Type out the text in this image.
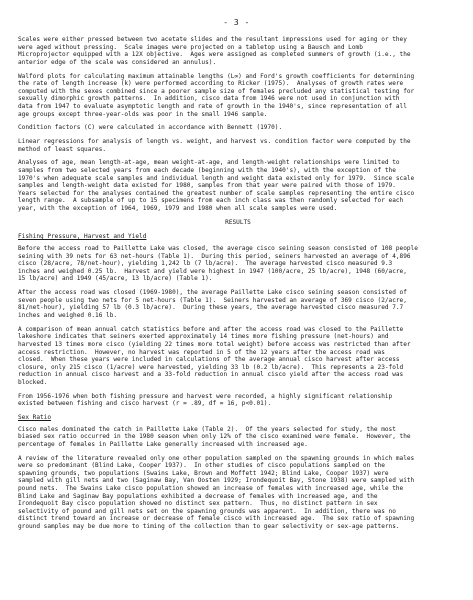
- 3 -
Scales were either pressed between two acetate slides and the resultant impressions used for aging or they
were aged without pressing.  Scale images were projected on a tabletop using a Bausch and Lomb
Microprojector equipped with a 12X objective.  Ages were assigned as completed summers of growth (i.e., the
anterior edge of the scale was considered an annulus).
Walford plots for calculating maximum attainable lengths (L∞) and Ford's growth coefficients for determining
the rate of length increase (k) were performed according to Ricker (1975).  Analyses of growth rates were
computed with the sexes combined since a poorer sample size of females precluded any statistical testing for
sexually dimorphic growth patterns.  In addition, cisco data from 1946 were not used in conjunction with
data from 1947 to evaluate asymptotic length and rate of growth in the 1940's, since representation of all
age groups except three-year-olds was poor in the small 1946 sample.
Condition factors (C) were calculated in accordance with Bennett (1970).
Linear regressions for analysis of length vs. weight, and harvest vs. condition factor were computed by the
method of least squares.
Analyses of age, mean length-at-age, mean weight-at-age, and length-weight relationships were limited to
samples from two selected years from each decade (beginning with the 1940's), with the exception of the
1970's when adequate scale samples and individual length and weight data existed only for 1979.  Since scale
samples and length-weight data existed for 1980, samples from that year were paired with those of 1979.
Years selected for the analyses contained the greatest number of scale samples representing the entire cisco
length range.  A subsample of up to 15 specimens from each inch class was then randomly selected for each
year, with the exception of 1964, 1969, 1979 and 1980 when all scale samples were used.
RESULTS
Fishing Pressure, Harvest and Yield
Before the access road to Paillette Lake was closed, the average cisco seining season consisted of 108 people
seining with 39 nets for 63 net-hours (Table 1).  During this period, seiners harvested an average of 4,896
cisco (28/acre, 78/net-hour), yielding 1,242 lb (7 lb/acre).  The average harvested cisco measured 9.3
inches and weighed 0.25 lb.  Harvest and yield were highest in 1947 (100/acre, 25 lb/acre), 1948 (60/acre,
15 lb/acre) and 1949 (45/acre, 13 lb/acre) (Table 1).
After the access road was closed (1969-1980), the average Paillette Lake cisco seining season consisted of
seven people using two nets for 5 net-hours (Table 1).  Seiners harvested an average of 369 cisco (2/acre,
81/net-hour), yielding 57 lb (0.3 lb/acre).  During these years, the average harvested cisco measured 7.7
inches and weighed 0.16 lb.
A comparison of mean annual catch statistics before and after the access road was closed to the Paillette
lakeshore indicates that seiners exerted approximately 14 times more fishing pressure (net-hours) and
harvested 13 times more cisco (yielding 22 times more total weight) before access was restricted than after
access restriction.  However, no harvest was reported in 5 of the 12 years after the access road was
closed.  When these years were included in calculations of the average annual cisco harvest after access
closure, only 215 cisco (1/acre) were harvested, yielding 33 lb (0.2 lb/acre).  This represents a 23-fold
reduction in annual cisco harvest and a 33-fold reduction in annual cisco yield after the access road was
blocked.
From 1956-1976 when both fishing pressure and harvest were recorded, a highly significant relationship
existed between fishing and cisco harvest (r = .89, df = 16, p<0.01).
Sex Ratio
Cisco males dominated the catch in Paillette Lake (Table 2).  Of the years selected for study, the most
biased sex ratio occurred in the 1980 season when only 12% of the cisco examined were female.  However, the
percentage of females in Paillette Lake generally increased with increased age.
A review of the literature revealed only one other population sampled on the spawning grounds in which males
were so predominant (Blind Lake, Cooper 1937).  In other studies of cisco populations sampled on the
spawning grounds, two populations (Swains Lake, Brown and Moffett 1942; Blind Lake, Cooper 1937) were
sampled with gill nets and two (Saginaw Bay, Van Oosten 1929; Irondequoit Bay, Stone 1938) were sampled with
pound nets.  The Swains Lake cisco population showed an increase of females with increased age, while the
Blind Lake and Saginaw Bay populations exhibited a decrease of females with increased age, and the
Irondequoit Bay cisco population showed no distinct sex pattern.  Thus, no distinct pattern in sex
selectivity of pound and gill nets set on the spawning grounds was apparent.  In addition, there was no
distinct trend toward an increase or decrease of female cisco with increased age.  The sex ratio of spawning
ground samples may be due more to timing of the collection than to gear selectivity or sex-age patterns.
